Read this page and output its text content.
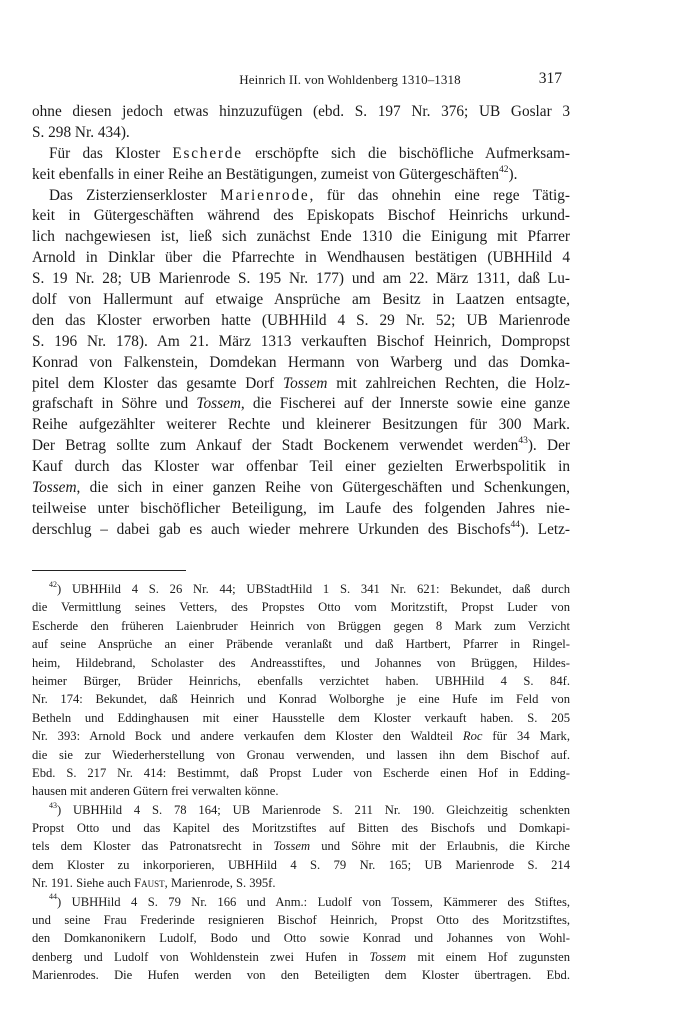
Heinrich II. von Wohldenberg 1310–1318	317
ohne diesen jedoch etwas hinzuzufügen (ebd. S. 197 Nr. 376; UB Goslar 3
S. 298 Nr. 434).
Für das Kloster Escherde erschöpfte sich die bischöfliche Aufmerksam-
keit ebenfalls in einer Reihe an Bestätigungen, zumeist von Gütergeschäften$^{42}$).
Das Zisterzienserkloster Marienrode, für das ohnehin eine rege Tätig-
keit in Gütergeschäften während des Episkopats Bischof Heinrichs urkund-
lich nachgewiesen ist, ließ sich zunächst Ende 1310 die Einigung mit Pfarrer
Arnold in Dinklar über die Pfarrechte in Wendhausen bestätigen (UBHHild 4
S. 19 Nr. 28; UB Marienrode S. 195 Nr. 177) und am 22. März 1311, daß Lu-
dolf von Hallermunt auf etwaige Ansprüche am Besitz in Laatzen entsagte,
den das Kloster erworben hatte (UBHHild 4 S. 29 Nr. 52; UB Marienrode
S. 196 Nr. 178). Am 21. März 1313 verkauften Bischof Heinrich, Dompropst
Konrad von Falkenstein, Domdekan Hermann von Warberg und das Domka-
pitel dem Kloster das gesamte Dorf Tossem mit zahlreichen Rechten, die Holz-
grafschaft in Söhre und Tossem, die Fischerei auf der Innerste sowie eine ganze
Reihe aufgezählter weiterer Rechte und kleinerer Besitzungen für 300 Mark.
Der Betrag sollte zum Ankauf der Stadt Bockenem verwendet werden$^{43}$). Der
Kauf durch das Kloster war offenbar Teil einer gezielten Erwerbspolitik in
Tossem, die sich in einer ganzen Reihe von Gütergeschäften und Schenkungen,
teilweise unter bischöflicher Beteiligung, im Laufe des folgenden Jahres nie-
derschlug – dabei gab es auch wieder mehrere Urkunden des Bischofs$^{44}$). Letz-
$^{42}$) UBHHild 4 S. 26 Nr. 44; UBStadtHild 1 S. 341 Nr. 621: Bekundet, daß durch
die Vermittlung seines Vetters, des Propstes Otto vom Moritzstift, Propst Luder von
Escherde den früheren Laienbruder Heinrich von Brüggen gegen 8 Mark zum Verzicht
auf seine Ansprüche an einer Präbende veranlaßt und daß Hartbert, Pfarrer in Ringel-
heim, Hildebrand, Scholaster des Andreasstiftes, und Johannes von Brüggen, Hildes-
heimer Bürger, Brüder Heinrichs, ebenfalls verzichtet haben. UBHHild 4 S. 84f.
Nr. 174: Bekundet, daß Heinrich und Konrad Wolborghe je eine Hufe im Feld von
Betheln und Eddinghausen mit einer Hausstelle dem Kloster verkauft haben. S. 205
Nr. 393: Arnold Bock und andere verkaufen dem Kloster den Waldteil Roc für 34 Mark,
die sie zur Wiederherstellung von Gronau verwenden, und lassen ihn dem Bischof auf.
Ebd. S. 217 Nr. 414: Bestimmt, daß Propst Luder von Escherde einen Hof in Edding-
hausen mit anderen Gütern frei verwalten könne.
$^{43}$) UBHHild 4 S. 78 164; UB Marienrode S. 211 Nr. 190. Gleichzeitig schenkten
Propst Otto und das Kapitel des Moritzstiftes auf Bitten des Bischofs und Domkapi-
tels dem Kloster das Patronatsrecht in Tossem und Söhre mit der Erlaubnis, die Kirche
dem Kloster zu inkorporieren, UBHHild 4 S. 79 Nr. 165; UB Marienrode S. 214
Nr. 191. Siehe auch Faust, Marienrode, S. 395f.
$^{44}$) UBHHild 4 S. 79 Nr. 166 und Anm.: Ludolf von Tossem, Kämmerer des Stiftes,
und seine Frau Frederinde resignieren Bischof Heinrich, Propst Otto des Moritzstiftes,
den Domkanonikern Ludolf, Bodo und Otto sowie Konrad und Johannes von Wohl-
denberg und Ludolf von Wohldenstein zwei Hufen in Tossem mit einem Hof zugunsten
Marienrodes. Die Hufen werden von den Beteiligten dem Kloster übertragen. Ebd.
